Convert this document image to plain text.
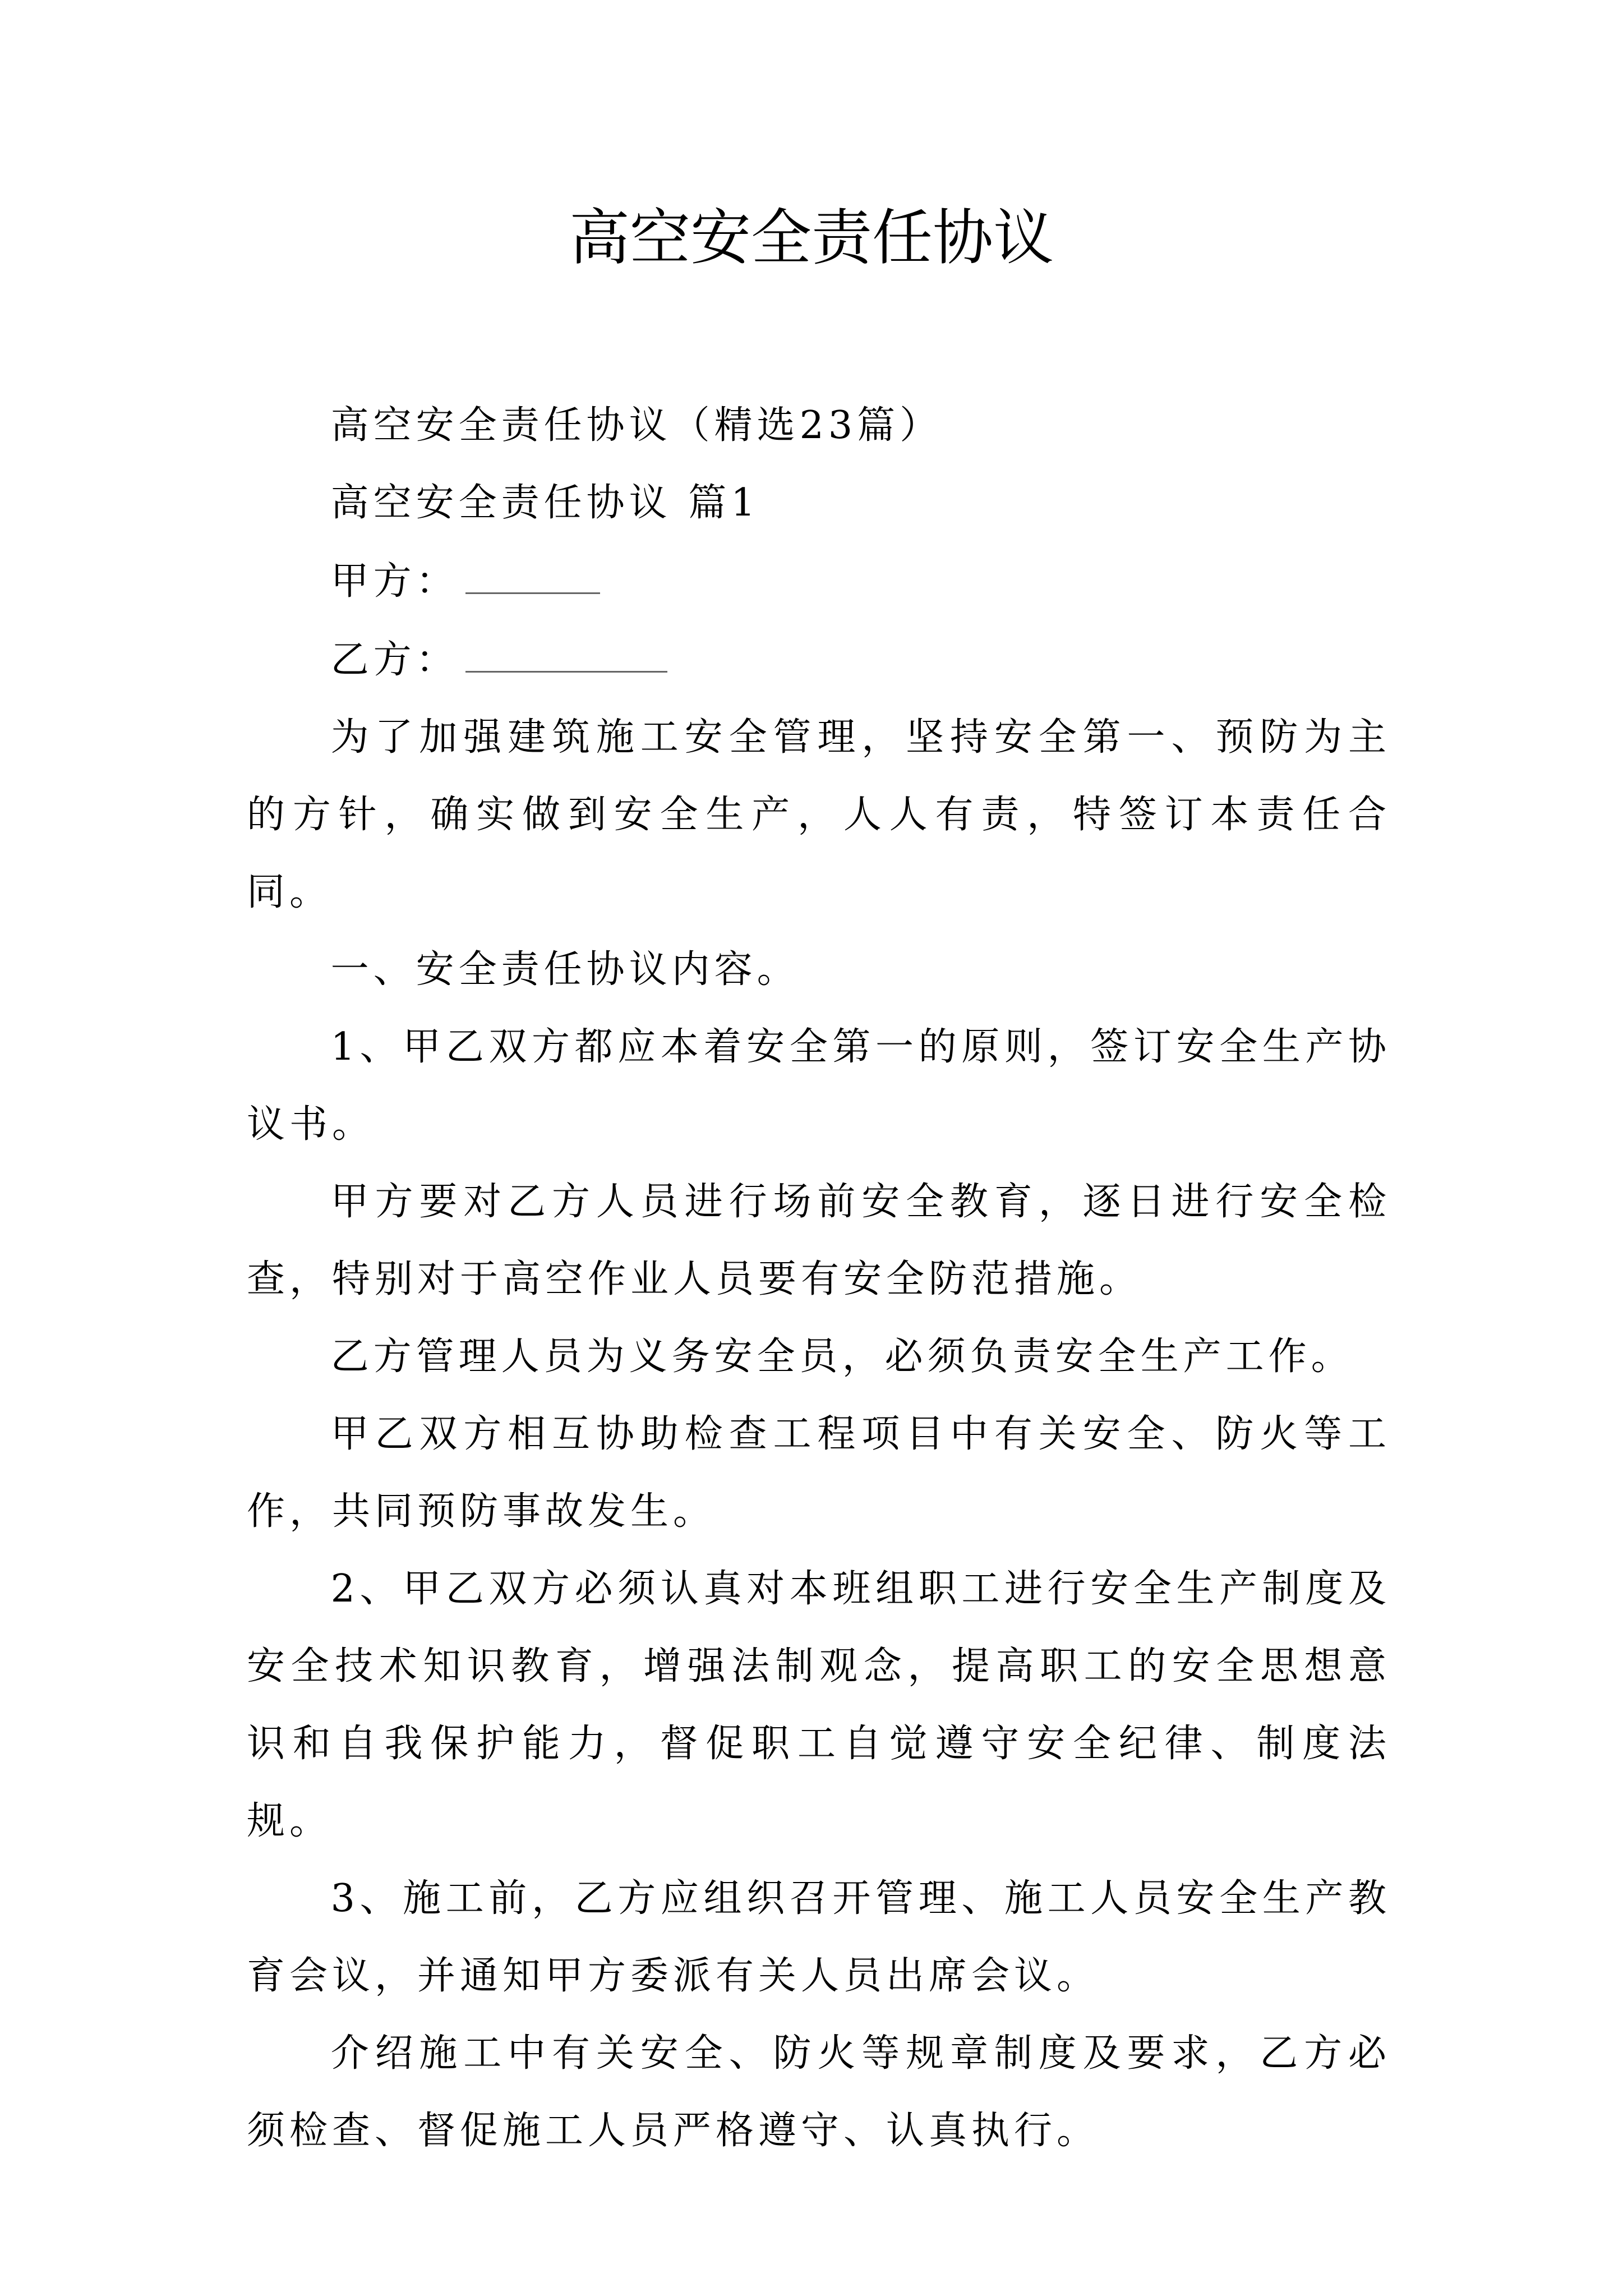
高空安全责任协议

高空安全责任协议（精选23篇）

高空安全责任协议 篇1

甲方：

乙方：

为了加强建筑施工安全管理，坚持安全第一、预防为主的方针，确实做到安全生产，人人有责，特签订本责任合同。

一、安全责任协议内容。

1、甲乙双方都应本着安全第一的原则，签订安全生产协议书。

甲方要对乙方人员进行场前安全教育，逐日进行安全检查，特别对于高空作业人员要有安全防范措施。

乙方管理人员为义务安全员，必须负责安全生产工作。

甲乙双方相互协助检查工程项目中有关安全、防火等工作，共同预防事故发生。

2、甲乙双方必须认真对本班组职工进行安全生产制度及安全技术知识教育，增强法制观念，提高职工的安全思想意识和自我保护能力，督促职工自觉遵守安全纪律、制度法规。

3、施工前，乙方应组织召开管理、施工人员安全生产教育会议，并通知甲方委派有关人员出席会议。

介绍施工中有关安全、防火等规章制度及要求，乙方必须检查、督促施工人员严格遵守、认真执行。
